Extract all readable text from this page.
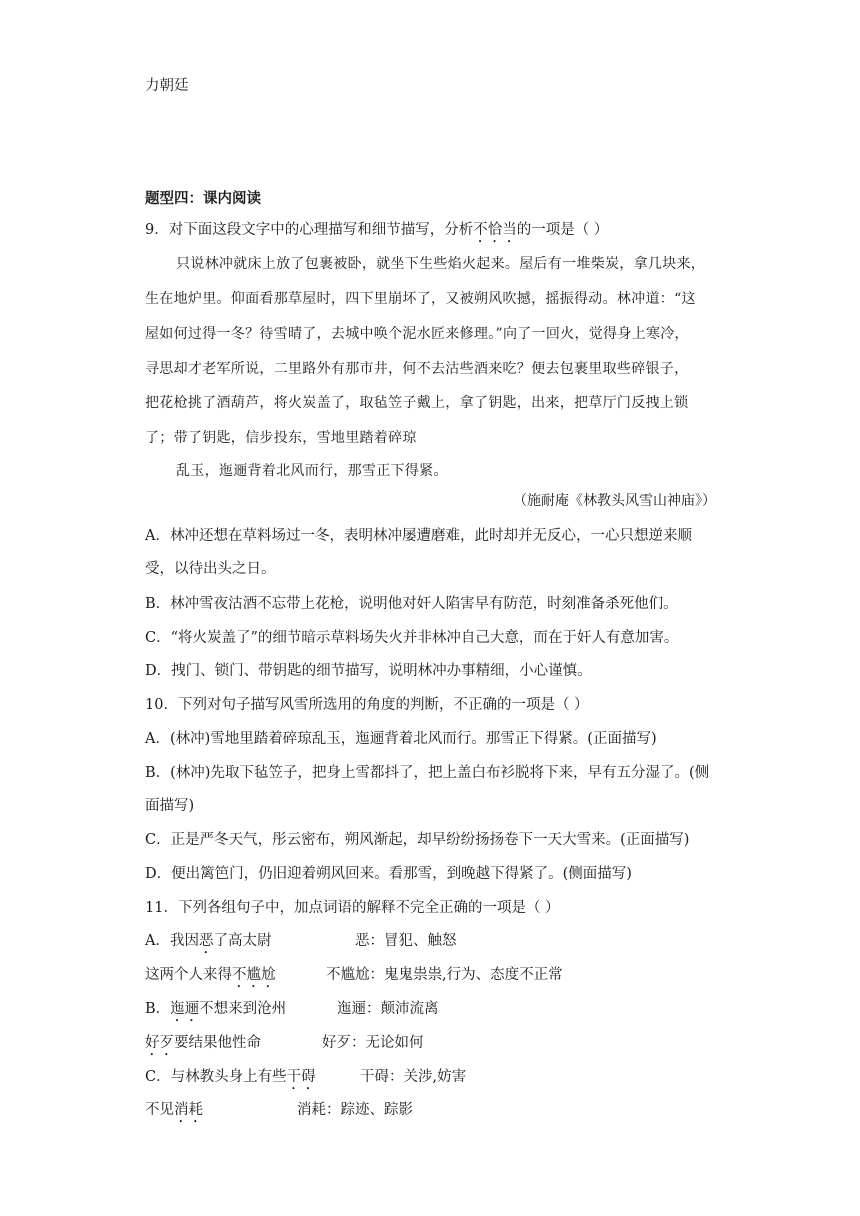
力朝廷
题型四：课内阅读
9．对下面这段文字中的心理描写和细节描写，分析不恰当的一项是（ ）
只说林冲就床上放了包裹被卧，就坐下生些焰火起来。屋后有一堆柴炭，拿几块来，
生在地炉里。仰面看那草屋时，四下里崩坏了，又被朔风吹撼，摇振得动。林冲道：“这
屋如何过得一冬？待雪晴了，去城中唤个泥水匠来修理。”向了一回火，觉得身上寒冷，
寻思却才老军所说，二里路外有那市井，何不去沽些酒来吃？便去包裹里取些碎银子，
把花枪挑了酒葫芦，将火炭盖了，取毡笠子戴上，拿了钥匙，出来，把草厅门反拽上锁
了；带了钥匙，信步投东，雪地里踏着碎琼
乱玉，迤逦背着北风而行，那雪正下得紧。
（施耐庵《林教头风雪山神庙》）
A．林冲还想在草料场过一冬，表明林冲屡遭磨难，此时却并无反心，一心只想逆来顺
受，以待出头之日。
B．林冲雪夜沽酒不忘带上花枪，说明他对奸人陷害早有防范，时刻准备杀死他们。
C．“将火炭盖了”的细节暗示草料场失火并非林冲自己大意，而在于奸人有意加害。
D．拽门、锁门、带钥匙的细节描写，说明林冲办事精细，小心谨慎。
10．下列对句子描写风雪所选用的角度的判断，不正确的一项是（ ）
A．(林冲)雪地里踏着碎琼乱玉，迤逦背着北风而行。那雪正下得紧。(正面描写)
B．(林冲)先取下毡笠子，把身上雪都抖了，把上盖白布衫脱将下来，早有五分湿了。(侧
面描写)
C．正是严冬天气，彤云密布，朔风渐起，却早纷纷扬扬卷下一天大雪来。(正面描写)
D．便出篱笆门，仍旧迎着朔风回来。看那雪，到晚越下得紧了。(侧面描写)
11．下列各组句子中，加点词语的解释不完全正确的一项是（ ）
A．我因恶了高太尉	恶：冒犯、触怒
这两个人来得不尴尬	不尴尬：鬼鬼祟祟,行为、态度不正常
B．迤逦不想来到沧州	迤逦：颠沛流离
好歹要结果他性命	好歹：无论如何
C．与林教头身上有些干碍	干碍：关涉,妨害
不见消耗	消耗：踪迹、踪影
